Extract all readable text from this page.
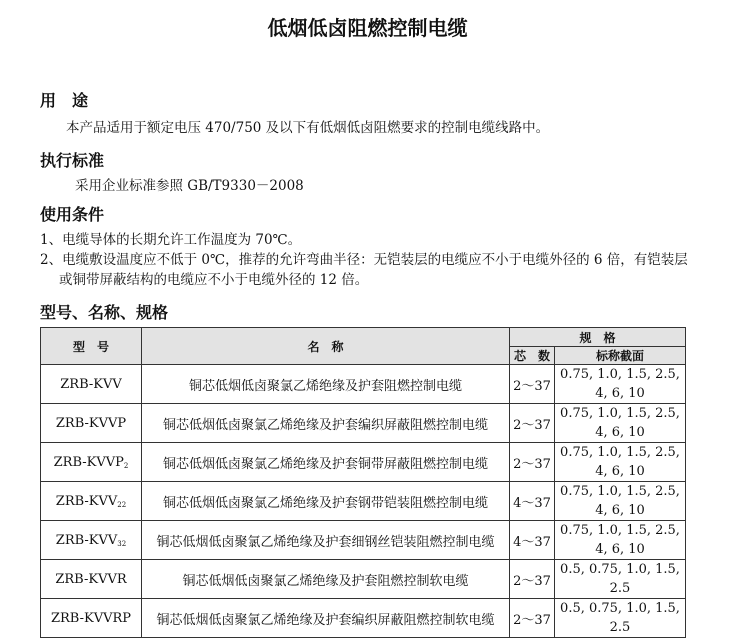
低烟低卤阻燃控制电缆
用　途
本产品适用于额定电压 470/750 及以下有低烟低卤阻燃要求的控制电缆线路中。
执行标准
采用企业标准参照 GB/T9330－2008
使用条件
1、电缆导体的长期允许工作温度为 70℃。
2、电缆敷设温度应不低于 0℃，推荐的允许弯曲半径：无铠装层的电缆应不小于电缆外径的 6 倍，有铠装层
或铜带屏蔽结构的电缆应不小于电缆外径的 12 倍。
型号、名称、规格
型　号	名　称	规　格	
		芯　数	标称截面
ZRB-KVV	铜芯低烟低卤聚氯乙烯绝缘及护套阻燃控制电缆	2～37	0.75, 1.0, 1.5, 2.5,
4, 6, 10

ZRB-KVVP	铜芯低烟低卤聚氯乙烯绝缘及护套编织屏蔽阻燃控制电缆	2～37	0.75, 1.0, 1.5, 2.5,
4, 6, 10

ZRB-$KVVP_2$	铜芯低烟低卤聚氯乙烯绝缘及护套铜带屏蔽阻燃控制电缆	2～37	0.75, 1.0, 1.5, 2.5,
4, 6, 10

ZRB-$KVV_{22}$	铜芯低烟低卤聚氯乙烯绝缘及护套钢带铠装阻燃控制电缆	4～37	0.75, 1.0, 1.5, 2.5,
4, 6, 10

ZRB-$KVV_{32}$	铜芯低烟低卤聚氯乙烯绝缘及护套细钢丝铠装阻燃控制电缆	4～37	0.75, 1.0, 1.5, 2.5,
4, 6, 10

ZRB-KVVR	铜芯低烟低卤聚氯乙烯绝缘及护套阻燃控制软电缆	2～37	0.5, 0.75, 1.0, 1.5,
2.5

ZRB-KVVRP	铜芯低烟低卤聚氯乙烯绝缘及护套编织屏蔽阻燃控制软电缆	2～37	0.5, 0.75, 1.0, 1.5,
2.5
